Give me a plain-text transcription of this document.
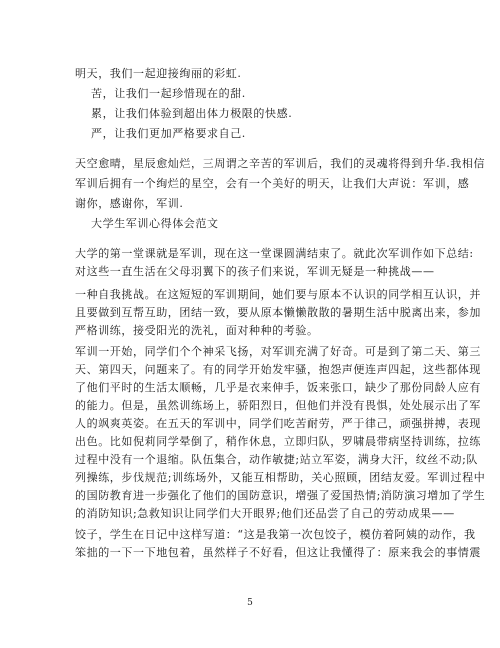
明天，我们一起迎接绚丽的彩虹.
苦，让我们一起珍惜现在的甜.
累，让我们体验到超出体力极限的快感.
严，让我们更加严格要求自己.
天空愈晴，星辰愈灿烂，三周谓之辛苦的军训后，我们的灵魂将得到升华.我相信
军训后拥有一个绚烂的星空，会有一个美好的明天，让我们大声说：军训，感
谢你，感谢你，军训.
大学生军训心得体会范文
大学的第一堂课就是军训，现在这一堂课圆满结束了。就此次军训作如下总结:
对这些一直生活在父母羽翼下的孩子们来说，军训无疑是一种挑战——
一种自我挑战。在这短短的军训期间，她们要与原本不认识的同学相互认识，并
且要做到互帮互助，团结一致，要从原本懒懒散散的暑期生活中脱离出来，参加
严格训练，接受阳光的洗礼，面对种种的考验。
军训一开始，同学们个个神采飞扬，对军训充满了好奇。可是到了第二天、第三
天、第四天，问题来了。有的同学开始发牢骚，抱怨声便连声四起，这些都体现
了他们平时的生活太顺畅，几乎是衣来伸手，饭来张口，缺少了那份同龄人应有
的能力。但是，虽然训练场上，骄阳烈日，但他们并没有畏惧，处处展示出了军
人的飒爽英姿。在五天的军训中，同学们吃苦耐劳，严于律己，顽强拼搏，表现
出色。比如倪莉同学晕倒了，稍作休息，立即归队，罗啸晨带病坚持训练，拉练
过程中没有一个退缩。队伍集合，动作敏捷;站立军姿，满身大汗，纹丝不动;队
列操练，步伐规范;训练场外，又能互相帮助，关心照顾，团结友爱。军训过程中
的国防教育进一步强化了他们的国防意识，增强了爱国热情;消防演习增加了学生
的消防知识;急救知识让同学们大开眼界;他们还品尝了自己的劳动成果——
饺子，学生在日记中这样写道：“这是我第一次包饺子，模仿着阿姨的动作，我
笨拙的一下一下地包着，虽然样子不好看，但这让我懂得了：原来我会的事情震
5
